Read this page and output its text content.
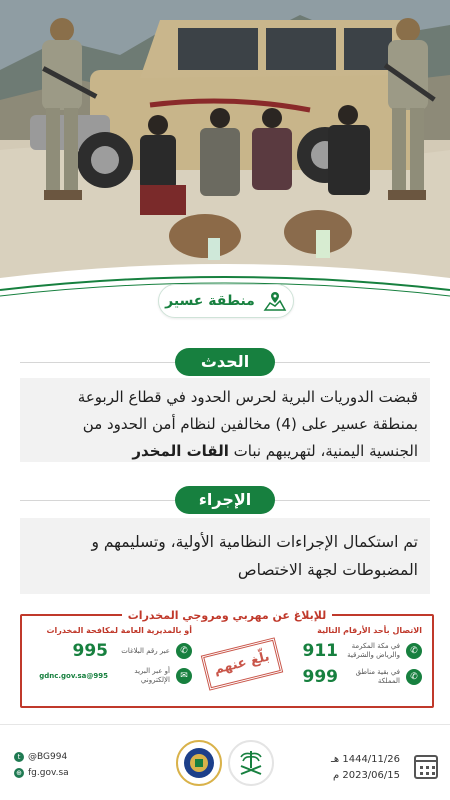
منطقة عسير
الحدث
قبضت الدوريات البرية لحرس الحدود في قطاع الربوعة بمنطقة عسير على (4) مخالفين لنظام أمن الحدود من الجنسية اليمنية، لتهريبهم نبات القات المخدر
الإجراء
تم استكمال الإجراءات النظامية الأولية، وتسليمهم و المضبوطات لجهة الاختصاص
للإبلاغ عن مهربي ومروجي المخدرات
أو بالمديرية العامة لمكافحة المخدرات
✆
عبر رقم البلاغات
995
✉
أو عبر البريد الإلكتروني
995@gdnc.gov.sa	بلّغ عنهم
الاتصال بأحد الأرقام التالية
✆
في مكة المكرمة والرياض والشرقية
911
✆
في بقية مناطق المملكة
999
t @BG994
⊕ fg.gov.sa
1444/11/26 هـ
2023/06/15 م
